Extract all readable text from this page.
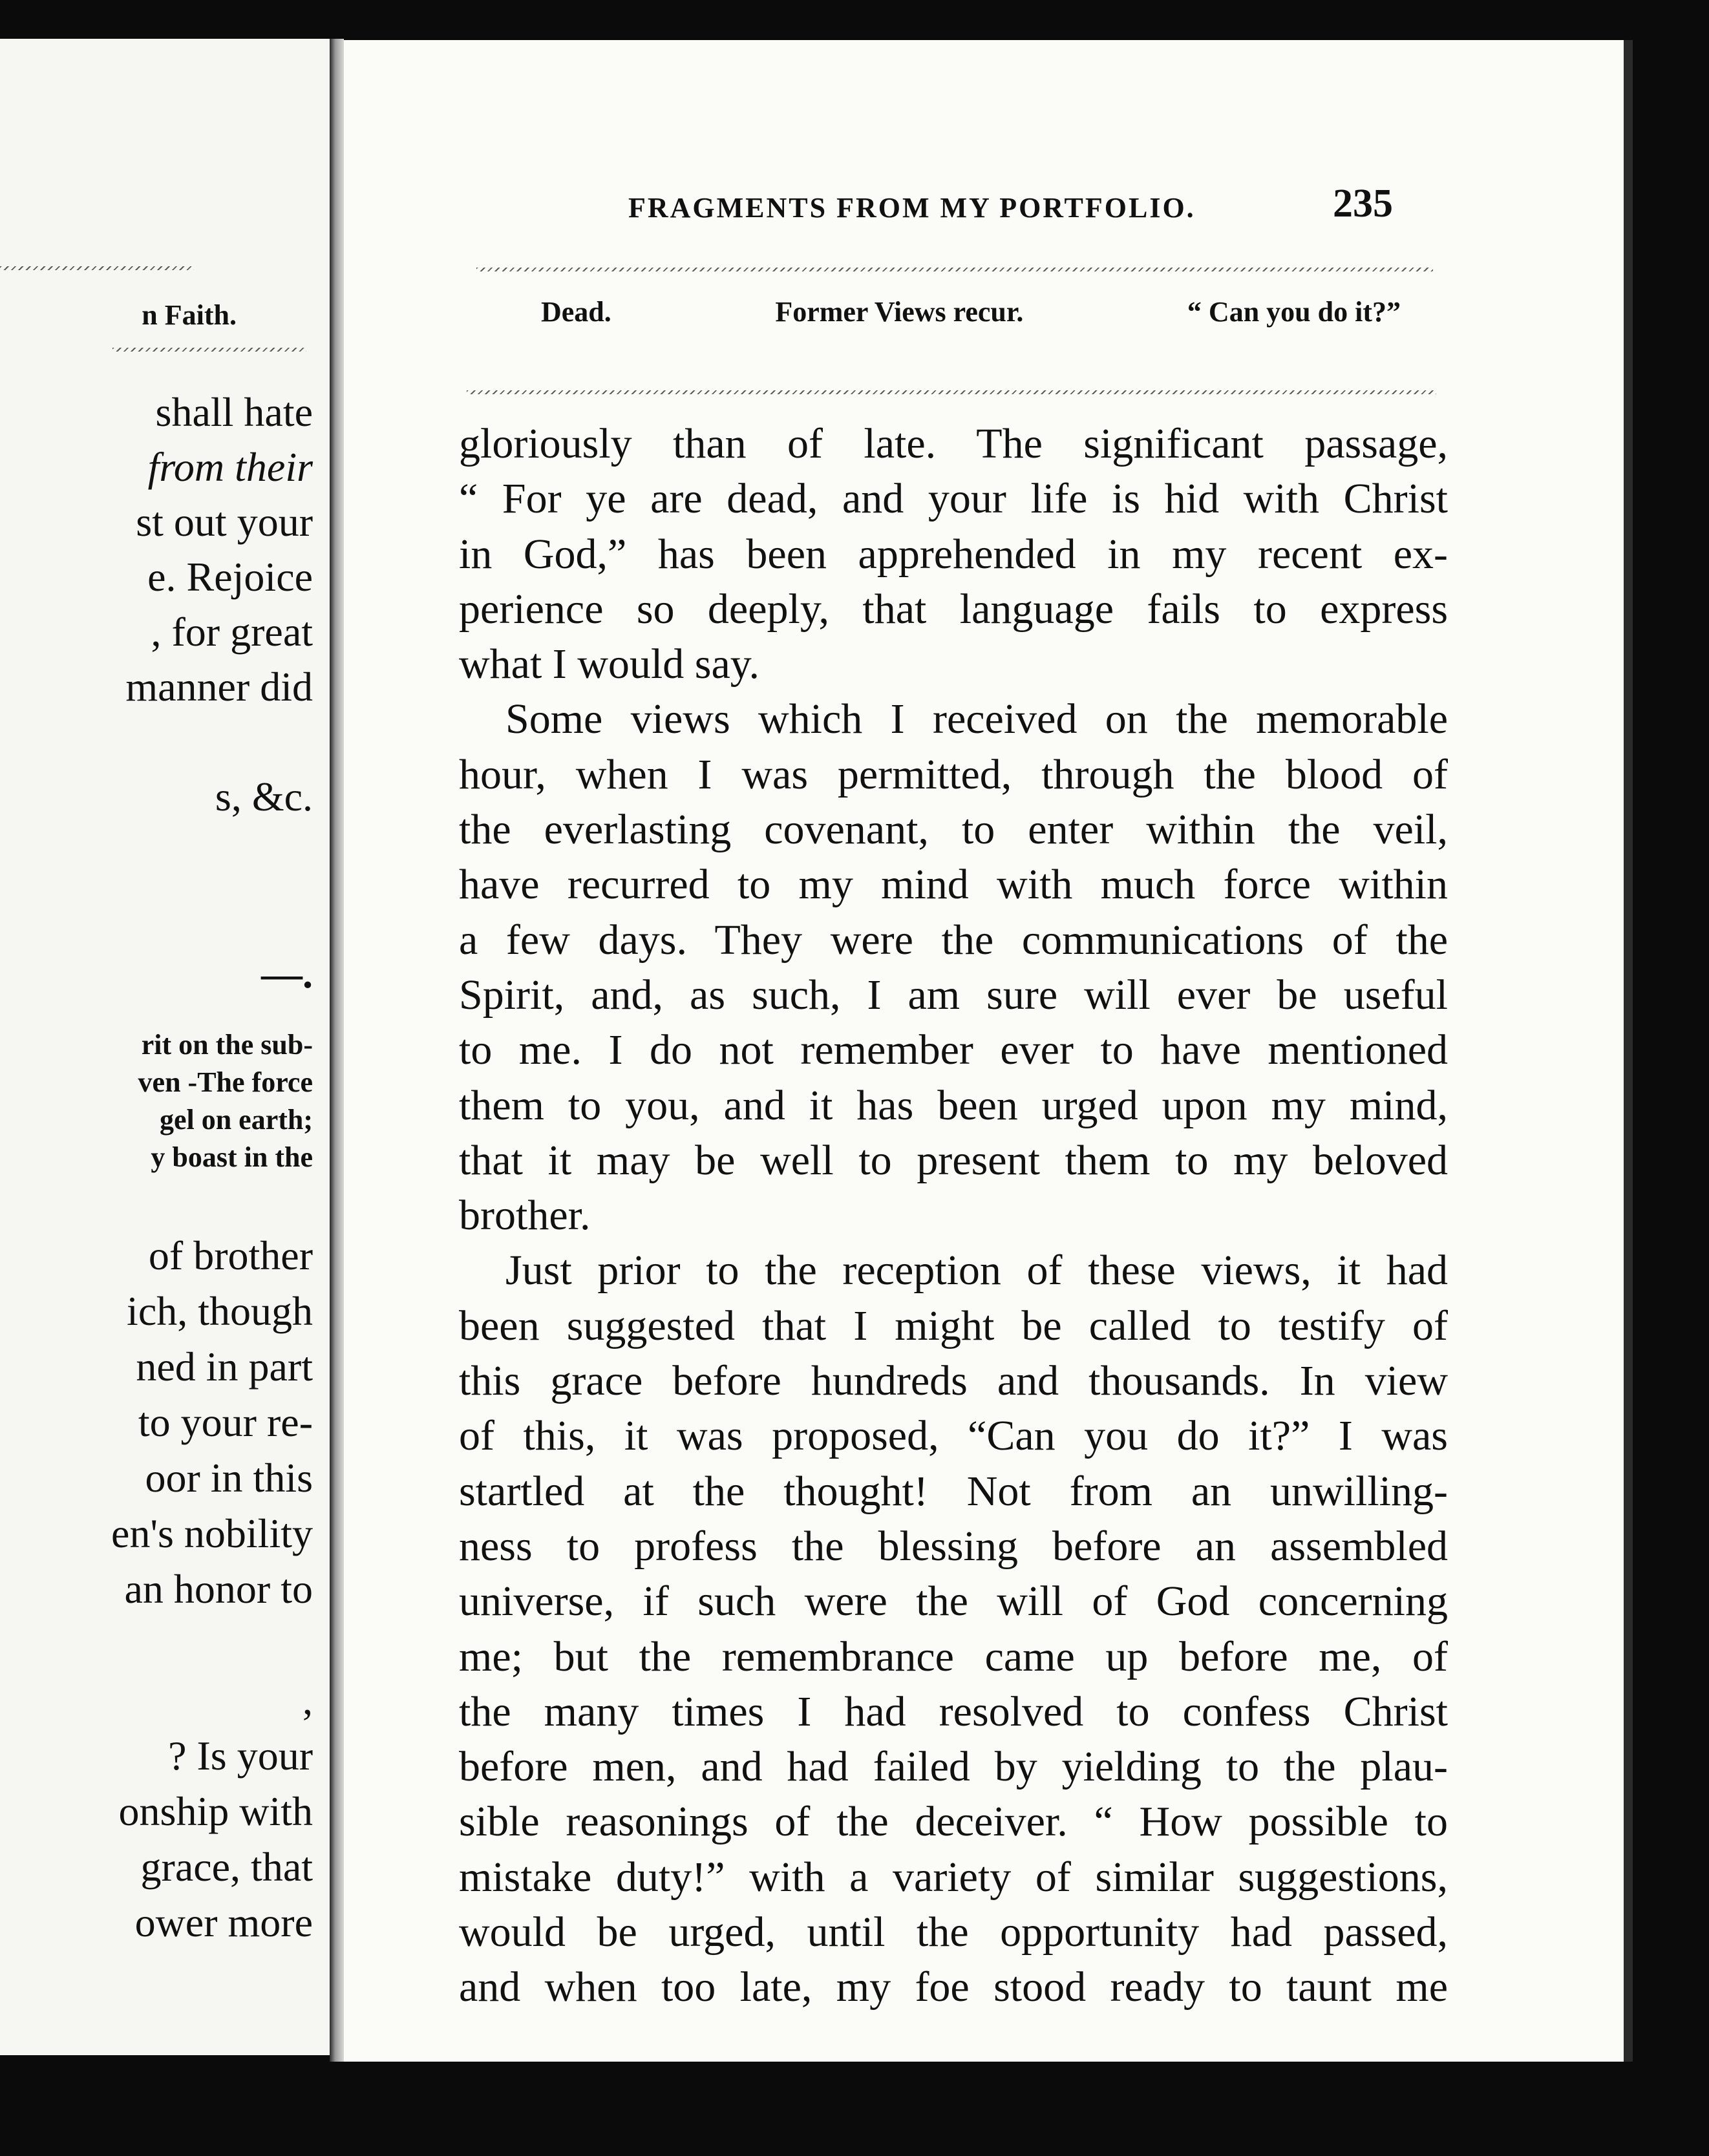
n Faith.
shall hate
from their
st out your
e. Rejoice
, for great
manner did

s, &c.
—.
rit on the sub-
ven -The force
gel on earth;
y boast in the
of brother
ich, though
ned in part
to your re-
oor in this
en's nobility
an honor to

,
? Is your
onship with
grace, that
ower more
FRAGMENTS FROM MY PORTFOLIO.	235
Dead.	Former Views recur.	“ Can you do it?”
gloriously than of late. The significant passage,
“ For ye are dead, and your life is hid with Christ
in God,” has been apprehended in my recent ex-
perience so deeply, that language fails to express
what I would say.
Some views which I received on the memorable
hour, when I was permitted, through the blood of
the everlasting covenant, to enter within the veil,
have recurred to my mind with much force within
a few days. They were the communications of the
Spirit, and, as such, I am sure will ever be useful
to me. I do not remember ever to have mentioned
them to you, and it has been urged upon my mind,
that it may be well to present them to my beloved
brother.
Just prior to the reception of these views, it had
been suggested that I might be called to testify of
this grace before hundreds and thousands. In view
of this, it was proposed, “Can you do it?” I was
startled at the thought! Not from an unwilling-
ness to profess the blessing before an assembled
universe, if such were the will of God concerning
me; but the remembrance came up before me, of
the many times I had resolved to confess Christ
before men, and had failed by yielding to the plau-
sible reasonings of the deceiver. “ How possible to
mistake duty!” with a variety of similar suggestions,
would be urged, until the opportunity had passed,
and when too late, my foe stood ready to taunt me
